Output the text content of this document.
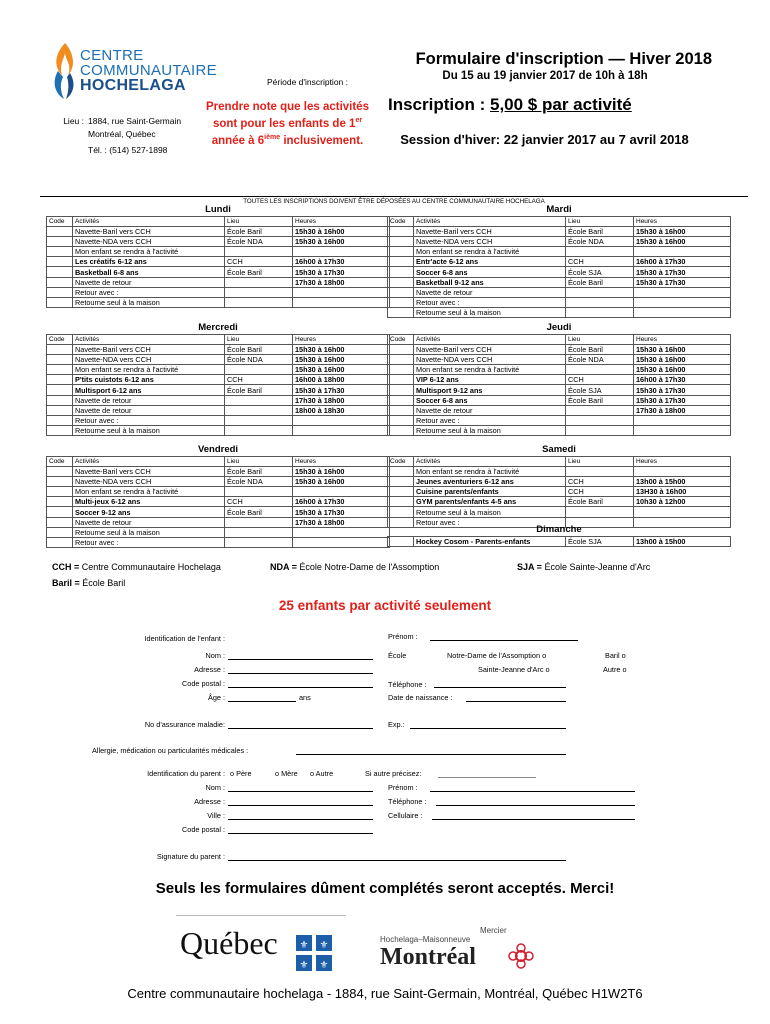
CENTRE
COMMUNAUTAIRE
HOCHELAGA
Formulaire d'inscription — Hiver 2018
Période d'inscription :	Du 15 au 19 janvier 2017 de 10h à 18h
Lieu : 1884, rue Saint-Germain
Montréal, Québec
Tél. : (514) 527-1898
Prendre note que les activités sont pour les enfants de 1er année à 6ième inclusivement.
Inscription : 5,00 $ par activité
Session d'hiver: 22 janvier 2017 au 7 avril 2018
TOUTES LES INSCRIPTIONS DOIVENT ÊTRE DÉPOSÉES AU CENTRE COMMUNAUTAIRE HOCHELAGA
Lundi			
Code	Activités	Lieu	Heures
	Navette-Baril vers CCH	École Baril	15h30 à 16h00
	Navette-NDA vers CCH	École NDA	15h30 à 16h00
	Mon enfant se rendra à l'activité		
	Les créatifs 6-12 ans	CCH	16h00 à 17h30
	Basketball 6-8 ans	École Baril	15h30 à 17h30
	Navette de retour		17h30 à 18h00
	Retour avec :		
	Retourne seul à la maison		
Mardi			
Code	Activités	Lieu	Heures
	Navette-Baril vers CCH	École Baril	15h30 à 16h00
	Navette-NDA vers CCH	École NDA	15h30 à 16h00
	Mon enfant se rendra à l'activité		
	Entr'acte 6-12 ans	CCH	16h00 à 17h30
	Soccer 6-8 ans	École SJA	15h30 à 17h30
	Basketball 9-12 ans	École Baril	15h30 à 17h30
	Navette de retour		
	Retour avec :		
	Retourne seul à la maison		
Mercredi			
Code	Activités	Lieu	Heures
	Navette-Baril vers CCH	École Baril	15h30 à 16h00
	Navette-NDA vers CCH	École NDA	15h30 à 16h00
	Mon enfant se rendra à l'activité		15h30 à 16h00
	P'tits cuistots 6-12 ans	CCH	16h00 à 18h00
	Multisport 6-12 ans	École Baril	15h30 à 17h30
	Navette de retour		17h30 à 18h00
	Navette de retour		18h00 à 18h30
	Retour avec :		
	Retourne seul à la maison		
Jeudi			
Code	Activités	Lieu	Heures
	Navette-Baril vers CCH	École Baril	15h30 à 16h00
	Navette-NDA vers CCH	École NDA	15h30 à 16h00
	Mon enfant se rendra à l'activité		15h30 à 16h00
	VIP 6-12 ans	CCH	16h00 à 17h30
	Multisport 9-12 ans	École SJA	15h30 à 17h30
	Soccer 6-8 ans	École Baril	15h30 à 17h30
	Navette de retour		17h30 à 18h00
	Retour avec :		
	Retourne seul à la maison		
Vendredi			
Code	Activités	Lieu	Heures
	Navette-Baril vers CCH	École Baril	15h30 à 16h00
	Navette-NDA vers CCH	École NDA	15h30 à 16h00
	Mon enfant se rendra à l'activité		
	Multi-jeux 6-12 ans	CCH	16h00 à 17h30
	Soccer 9-12 ans	École Baril	15h30 à 17h30
	Navette de retour		17h30 à 18h00
	Retourne seul à la maison		
	Retour avec :		
Samedi			
Code	Activités	Lieu	Heures
	Mon enfant se rendra à l'activité		
	Jeunes aventuriers 6-12 ans	CCH	13h00 à 15h00
	Cuisine parents/enfants	CCH	13H30 à 16h00
	GYM parents/enfants 4-5 ans	École Baril	10h30 à 12h00
	Retourne seul à la maison		
	Retour avec :		
Dimanche
	Hockey Cosom - Parents-enfants	École SJA	13h00 à 15h00
CCH = Centre Communautaire Hochelaga	NDA = École Notre-Dame de l'Assomption	SJA = École Sainte-Jeanne d'Arc
Baril = École Baril
25 enfants par activité seulement
Identification de l'enfant :	Prénom :
Nom :	École	Notre-Dame de l'Assomption o	Baril o
Adresse :	Sainte-Jeanne d'Arc o	Autre o
Code postal :	Téléphone :
Âge :	ans	Date de naissance :
No d'assurance maladie:	Exp.:
Allergie, médication ou particularités médicales :
Identification du parent : o Père	o Mère o Autre	Si autre précisez:
Nom :	Prénom :
Adresse :	Téléphone :
Ville :	Cellulaire :
Code postal :
Signature du parent :
Seuls les formulaires dûment complétés seront acceptés. Merci!
Québec ⚜ ⚜
⚜ ⚜
Mercier
Hochelaga–Maisonneuve
Montréal
Centre communautaire hochelaga - 1884, rue Saint-Germain, Montréal, Québec H1W2T6
